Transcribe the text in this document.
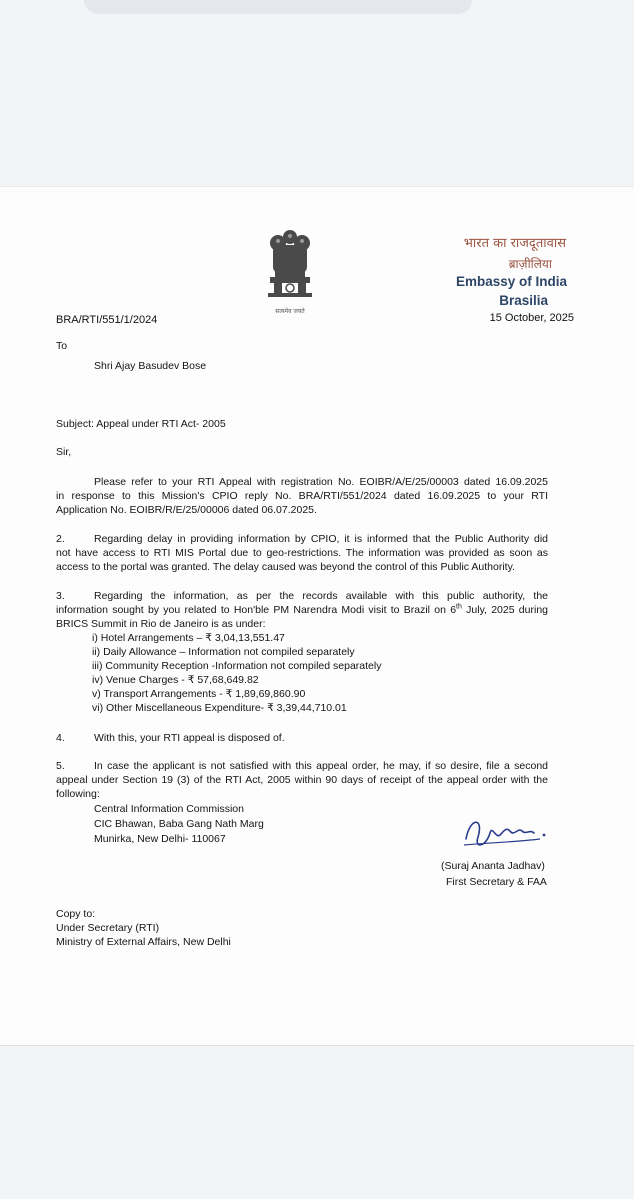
सत्यमेव जयते
भारत का राजदूतावास
ब्राज़ीलिया
Embassy of India
Brasilia
BRA/RTI/551/1/2024	15 October, 2025
To
Shri Ajay Basudev Bose
Subject: Appeal under RTI Act- 2005
Sir,
Please refer to your RTI Appeal with registration No. EOIBR/A/E/25/00003 dated 16.09.2025
in response to this Mission's CPIO reply No. BRA/RTI/551/2024 dated 16.09.2025 to your RTI
Application No. EOIBR/R/E/25/00006 dated 06.07.2025.
2.	Regarding delay in providing information by CPIO, it is informed that the Public Authority did
not have access to RTI MIS Portal due to geo-restrictions. The information was provided as soon as
access to the portal was granted. The delay caused was beyond the control of this Public Authority.
3.	Regarding the information, as per the records available with this public authority, the
information sought by you related to Hon'ble PM Narendra Modi visit to Brazil on 6th July, 2025 during
BRICS Summit in Rio de Janeiro is as under:
i) Hotel Arrangements – ₹ 3,04,13,551.47
ii) Daily Allowance – Information not compiled separately
iii) Community Reception -Information not compiled separately
iv) Venue Charges - ₹ 57,68,649.82
v) Transport Arrangements - ₹ 1,89,69,860.90
vi) Other Miscellaneous Expenditure- ₹ 3,39,44,710.01
4.	With this, your RTI appeal is disposed of.
5.	In case the applicant is not satisfied with this appeal order, he may, if so desire, file a second
appeal under Section 19 (3) of the RTI Act, 2005 within 90 days of receipt of the appeal order with the
following:
Central Information Commission
CIC Bhawan, Baba Gang Nath Marg
Munirka, New Delhi- 110067
(Suraj Ananta Jadhav)
First Secretary & FAA
Copy to:
Under Secretary (RTI)
Ministry of External Affairs, New Delhi
